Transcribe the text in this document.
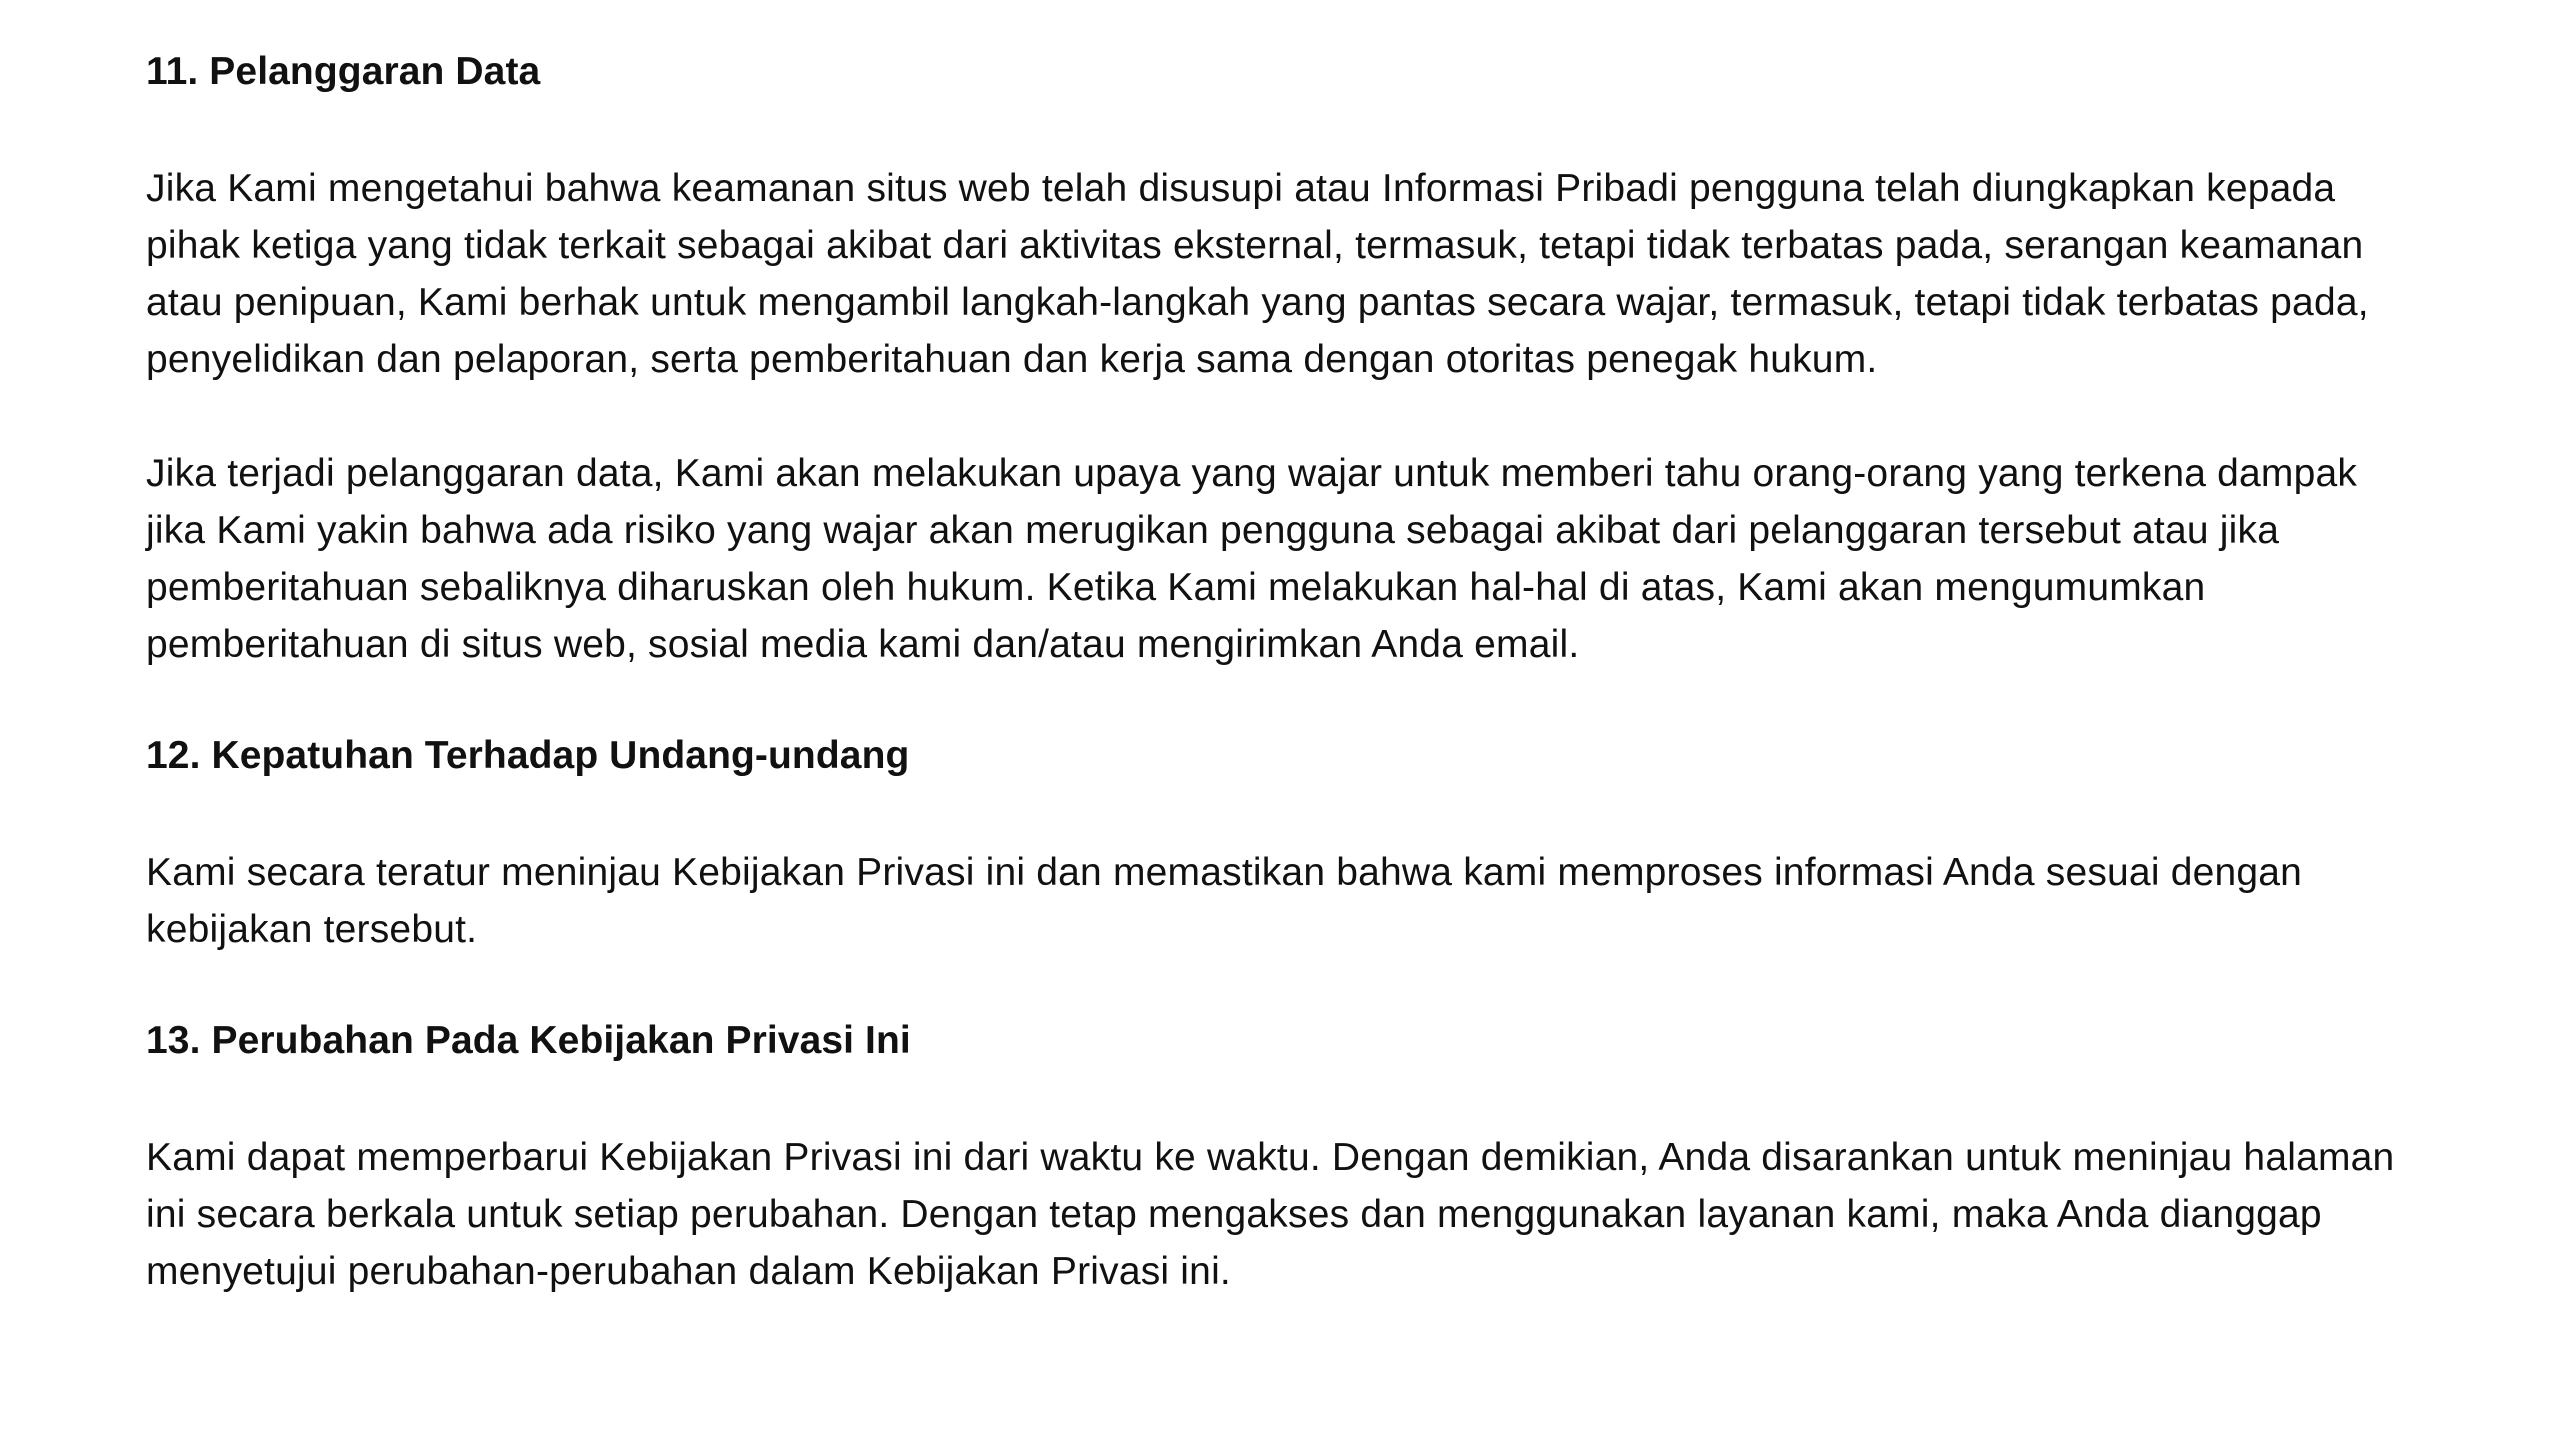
11. Pelanggaran Data

Jika Kami mengetahui bahwa keamanan situs web telah disusupi atau Informasi Pribadi pengguna telah diungkapkan kepada pihak ketiga yang tidak terkait sebagai akibat dari aktivitas eksternal, termasuk, tetapi tidak terbatas pada, serangan keamanan atau penipuan, Kami berhak untuk mengambil langkah-langkah yang pantas secara wajar, termasuk, tetapi tidak terbatas pada, penyelidikan dan pelaporan, serta pemberitahuan dan kerja sama dengan otoritas penegak hukum.

Jika terjadi pelanggaran data, Kami akan melakukan upaya yang wajar untuk memberi tahu orang-orang yang terkena dampak jika Kami yakin bahwa ada risiko yang wajar akan merugikan pengguna sebagai akibat dari pelanggaran tersebut atau jika pemberitahuan sebaliknya diharuskan oleh hukum. Ketika Kami melakukan hal-hal di atas, Kami akan mengumumkan pemberitahuan di situs web, sosial media kami dan/atau mengirimkan Anda email.

12. Kepatuhan Terhadap Undang-undang

Kami secara teratur meninjau Kebijakan Privasi ini dan memastikan bahwa kami memproses informasi Anda sesuai dengan kebijakan tersebut.

13. Perubahan Pada Kebijakan Privasi Ini

Kami dapat memperbarui Kebijakan Privasi ini dari waktu ke waktu. Dengan demikian, Anda disarankan untuk meninjau halaman ini secara berkala untuk setiap perubahan. Dengan tetap mengakses dan menggunakan layanan kami, maka Anda dianggap menyetujui perubahan-perubahan dalam Kebijakan Privasi ini.
